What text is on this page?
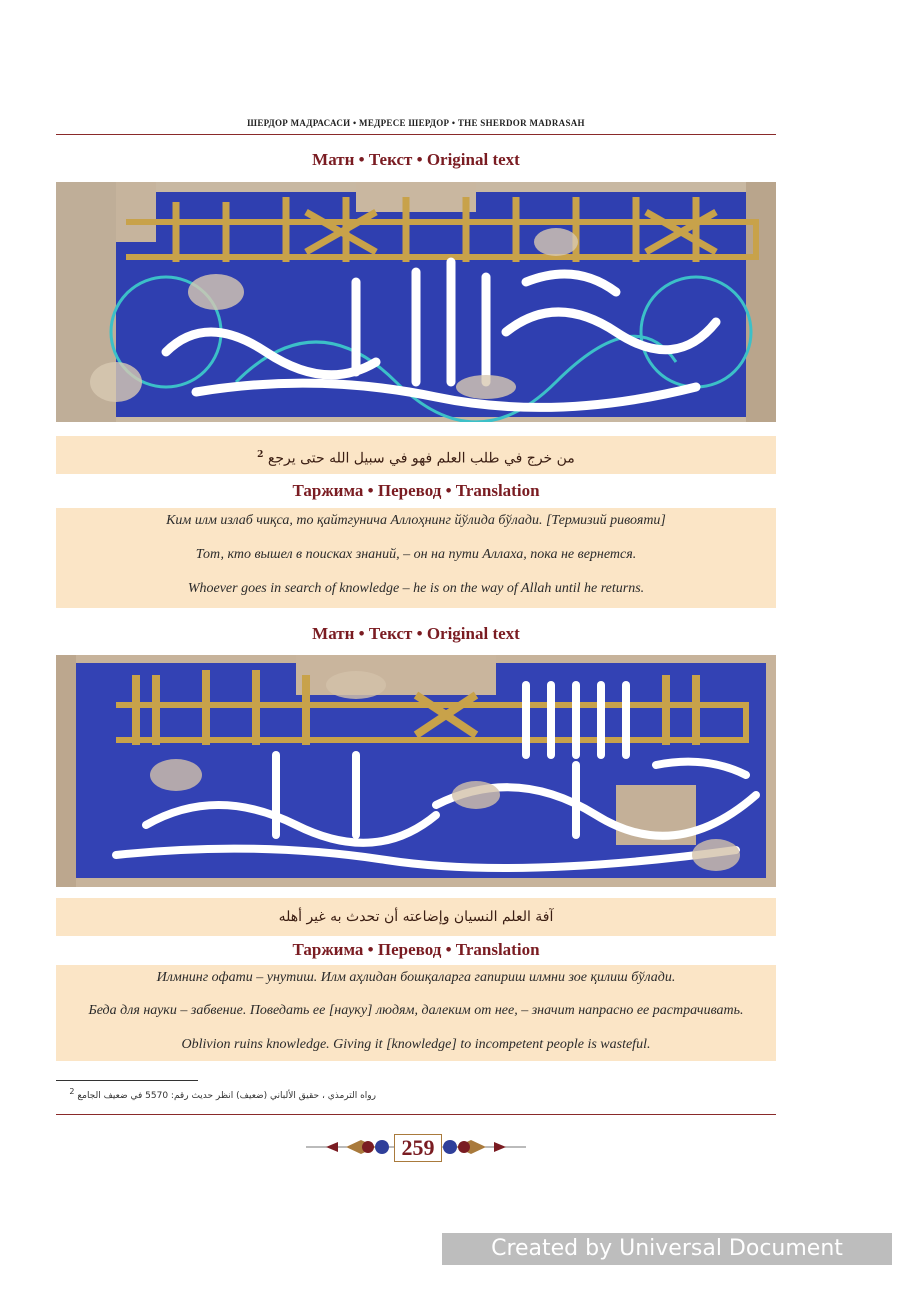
ШЕРДОР МАДРАСАСИ • МЕДРЕСЕ ШЕРДОР • THE SHERDOR MADRASAH
Матн • Текст • Original text
من خرج في طلب العلم فهو في سبيل الله حتى يرجع $^2$
Таржима • Перевод • Translation
Ким илм излаб чиқса, то қайтгунича Аллоҳнинг йўлида бўлади. [Термизий ривояти]
Тот, кто вышел в поисках знаний, – он на пути Аллаха, пока не вернется.
Whoever goes in search of knowledge – he is on the way of Allah until he returns.
Матн • Текст • Original text
آفة العلم النسيان وإضاعته أن تحدث به غير أهله
Таржима • Перевод • Translation
Илмнинг офати – унутиш. Илм аҳлидан бошқаларга гапириш илмни зое қилиш бўлади.
Беда для науки – забвение. Поведать ее [науку] людям, далеким от нее, – значит напрасно ее растрачивать.
Oblivion ruins knowledge. Giving it [knowledge] to incompetent people is wasteful.
رواه الترمذي ، حقيق الألباني (ضعيف) انظر حديث رقم: 5570 في ضعيف الجامع $^2$
259
Created by Universal Document Converter
